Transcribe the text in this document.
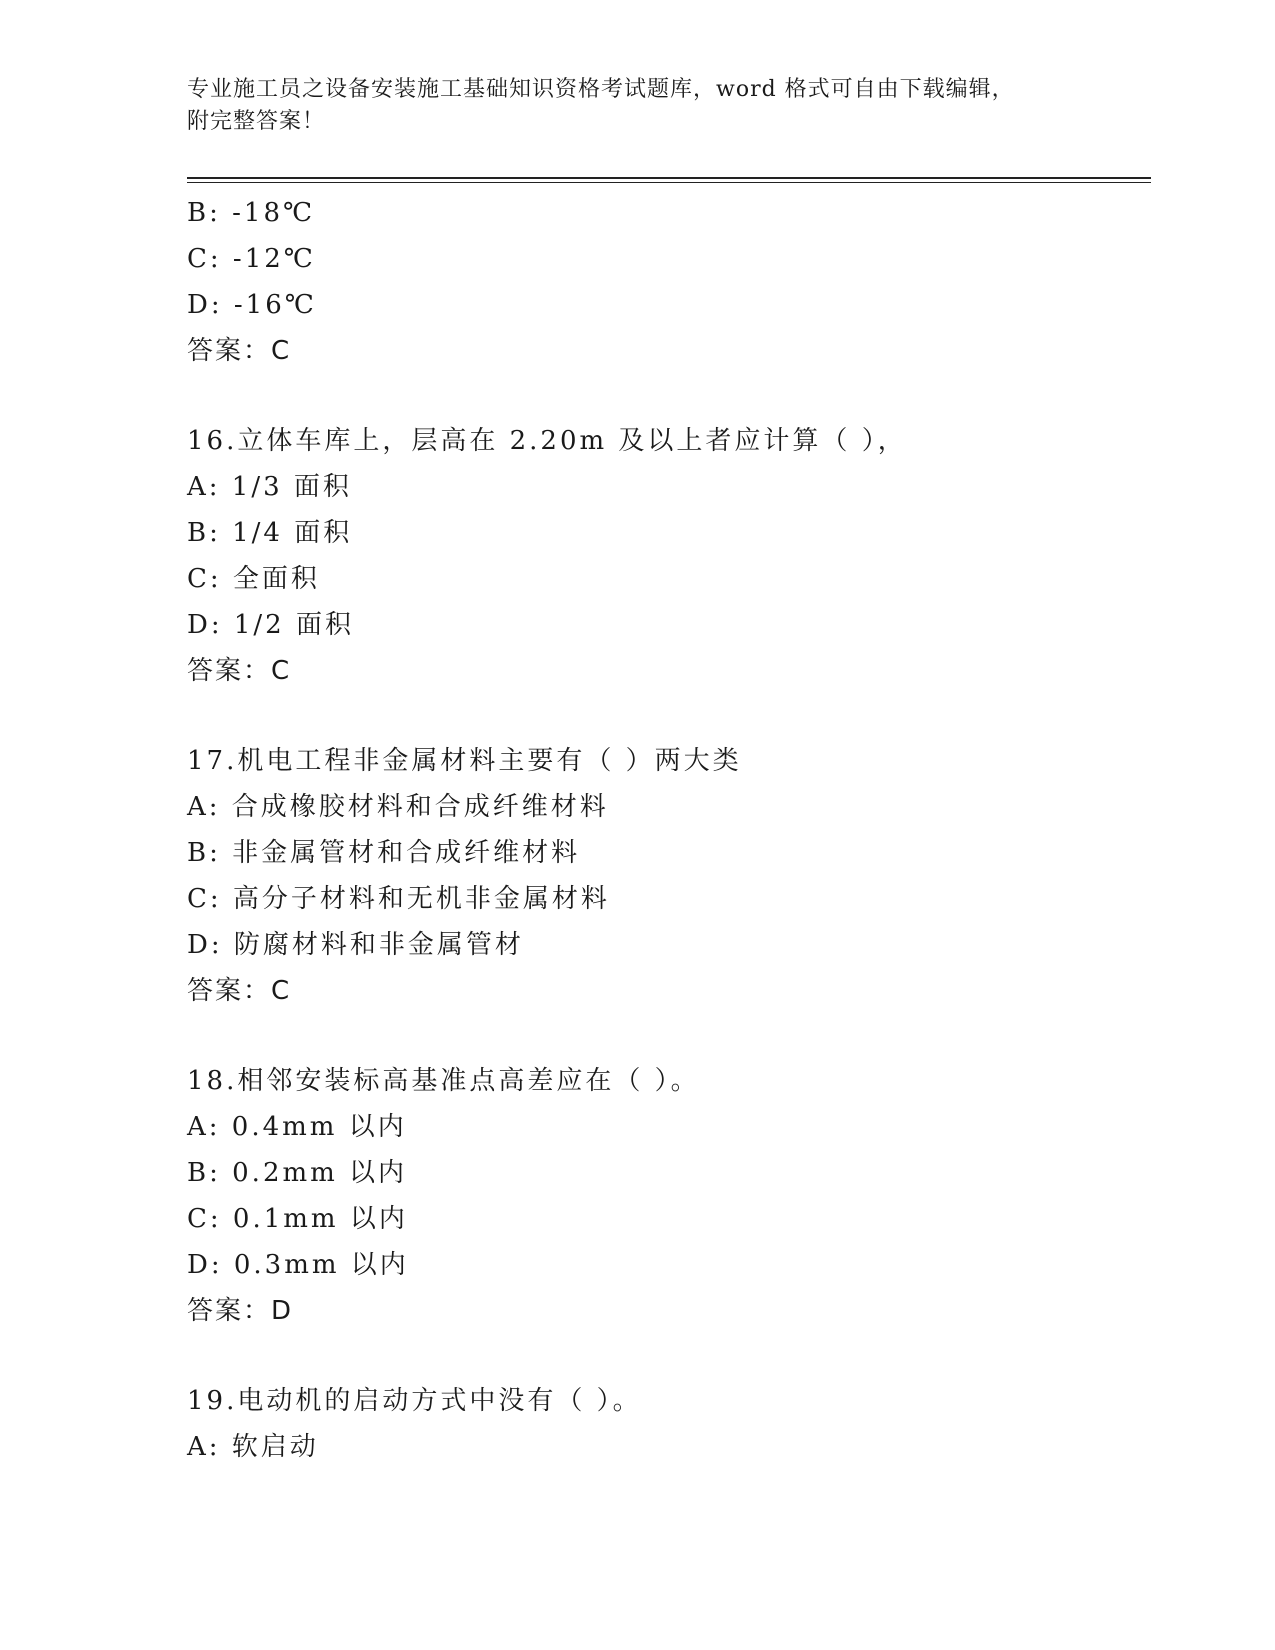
专业施工员之设备安装施工基础知识资格考试题库，word 格式可自由下载编辑，
附完整答案！
B: -18℃
C: -12℃
D: -16℃
答案：C
16.立体车库上，层高在 2.20m 及以上者应计算（ ），
A: 1/3 面积
B: 1/4 面积
C: 全面积
D: 1/2 面积
答案：C
17.机电工程非金属材料主要有（ ）两大类
A: 合成橡胶材料和合成纤维材料
B: 非金属管材和合成纤维材料
C: 高分子材料和无机非金属材料
D: 防腐材料和非金属管材
答案：C
18.相邻安装标高基准点高差应在（ ）。
A: 0.4mm 以内
B: 0.2mm 以内
C: 0.1mm 以内
D: 0.3mm 以内
答案：D
19.电动机的启动方式中没有（ ）。
A: 软启动
